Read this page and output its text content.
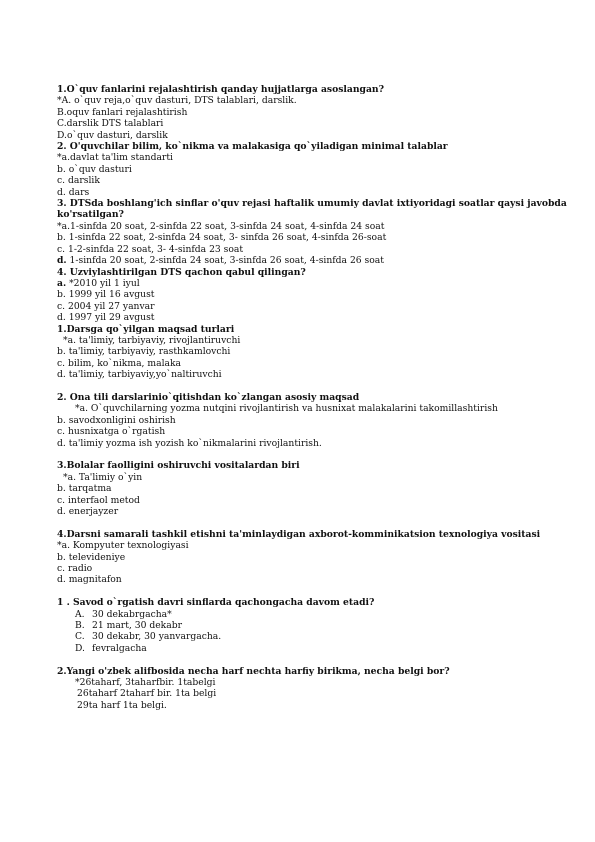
1.O`quv fanlarini rejalashtirish qanday hujjatlarga asoslangan?
*A. o`quv reja,o`quv dasturi, DTS talablari, darslik.
B.oquv fanlari rejalashtirish
C.darslik DTS talablari
D.o`quv dasturi, darslik
2. O'quvchilar bilim, ko`nikma va malakasiga qo`yiladigan minimal talablar
*a.davlat ta'lim standarti
b. o`quv dasturi
c. darslik
d. dars
3. DTSda boshlang'ich sinflar o'quv rejasi haftalik umumiy davlat ixtiyoridagi soatlar qaysi javobda
ko'rsatilgan?
*a.1-sinfda 20 soat, 2-sinfda 22 soat, 3-sinfda 24 soat, 4-sinfda 24 soat
b. 1-sinfda 22 soat, 2-sinfda 24 soat, 3- sinfda 26 soat, 4-sinfda 26-soat
c. 1-2-sinfda 22 soat, 3- 4-sinfda 23 soat
d. 1-sinfda 20 soat, 2-sinfda 24 soat, 3-sinfda 26 soat, 4-sinfda 26 soat
4. Uzviylashtirilgan DTS qachon qabul qilingan?
a. *2010 yil 1 iyul
b. 1999 yil 16 avgust
c. 2004 yil 27 yanvar
d. 1997 yil 29 avgust
1.Darsga qo`yilgan maqsad turlari
*a. ta'limiy, tarbiyaviy, rivojlantiruvchi
b. ta'limiy, tarbiyaviy, rasthkamlovchi
c. bilim, ko`nikma, malaka
d. ta'limiy, tarbiyaviy,yo`naltiruvchi
2. Ona tili darslarinio`qitishdan ko`zlangan asosiy maqsad
*a. O`quvchilarning yozma nutqini rivojlantirish va husnixat malakalarini takomillashtirish
b. savodxonligini oshirish
c. husnixatga o`rgatish
d. ta'limiy yozma ish yozish ko`nikmalarini rivojlantirish.
3.Bolalar faolligini oshiruvchi vositalardan biri
*a. Ta'limiy o`yin
b. tarqatma
c. interfaol metod
d. enerjayzer
4.Darsni samarali tashkil etishni ta'minlaydigan axborot-komminikatsion texnologiya vositasi
*a. Kompyuter texnologiyasi
b. televideniye
c. radio
d. magnitafon
1 . Savod o`rgatish davri sinflarda qachongacha davom etadi?
A. 30 dekabrgacha*
B. 21 mart, 30 dekabr
C. 30 dekabr, 30 yanvargacha.
D. fevralgacha
2.Yangi o'zbek alifbosida necha harf nechta harfiy birikma, necha belgi bor?
*26taharf, 3taharfbir. 1tabelgi
26taharf 2taharf bir. 1ta belgi
29ta harf 1ta belgi.
